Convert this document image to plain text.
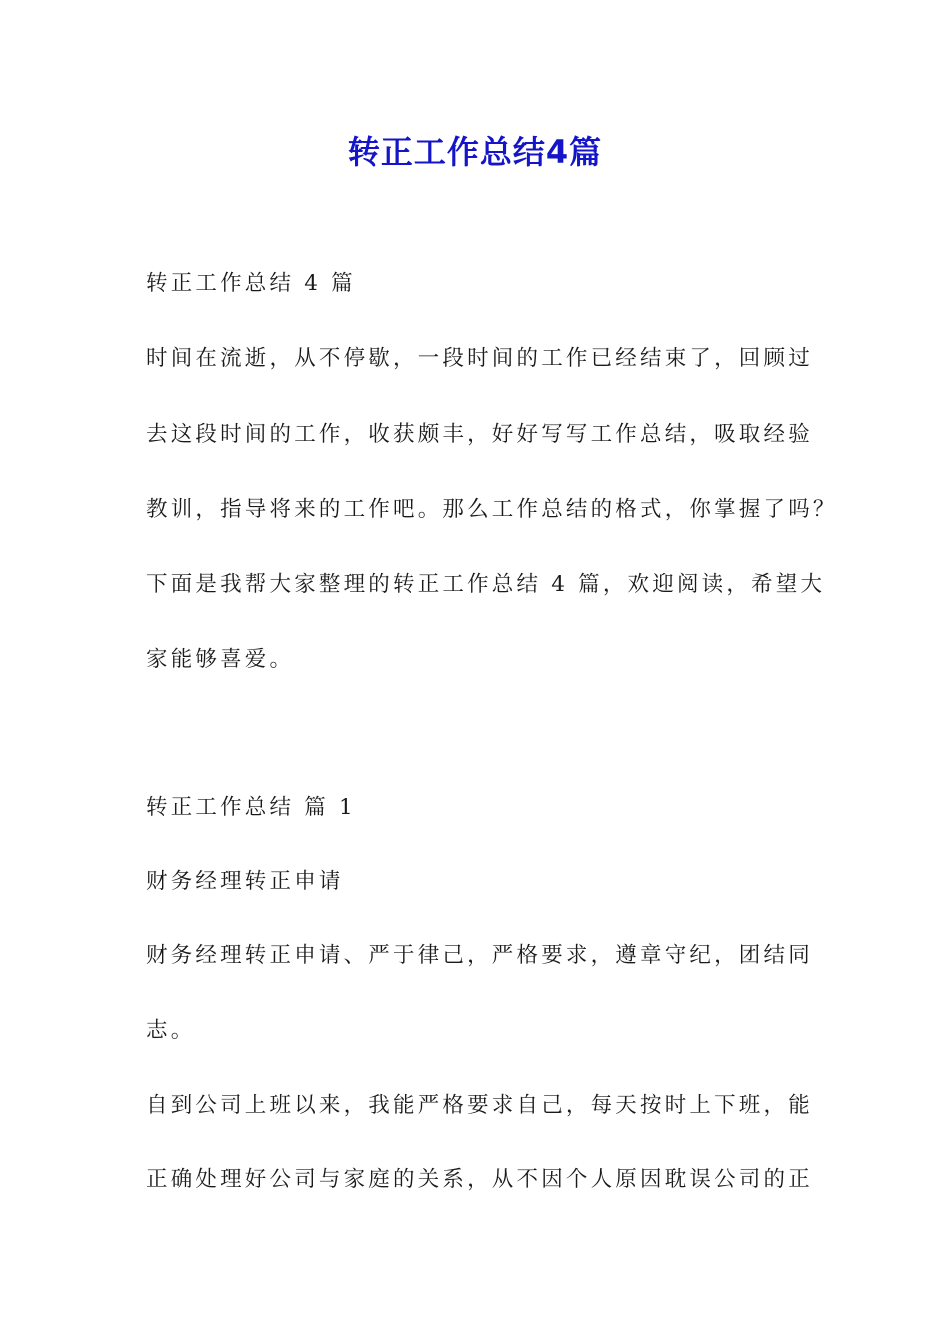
转正工作总结4篇
转正工作总结 4 篇
时间在流逝，从不停歇，一段时间的工作已经结束了，回顾过
去这段时间的工作，收获颇丰，好好写写工作总结，吸取经验
教训，指导将来的工作吧。那么工作总结的格式，你掌握了吗？
下面是我帮大家整理的转正工作总结 4 篇，欢迎阅读，希望大
家能够喜爱。
转正工作总结 篇 1
财务经理转正申请
财务经理转正申请、严于律己，严格要求，遵章守纪，团结同
志。
自到公司上班以来，我能严格要求自己，每天按时上下班，能
正确处理好公司与家庭的关系，从不因个人原因耽误公司的正
